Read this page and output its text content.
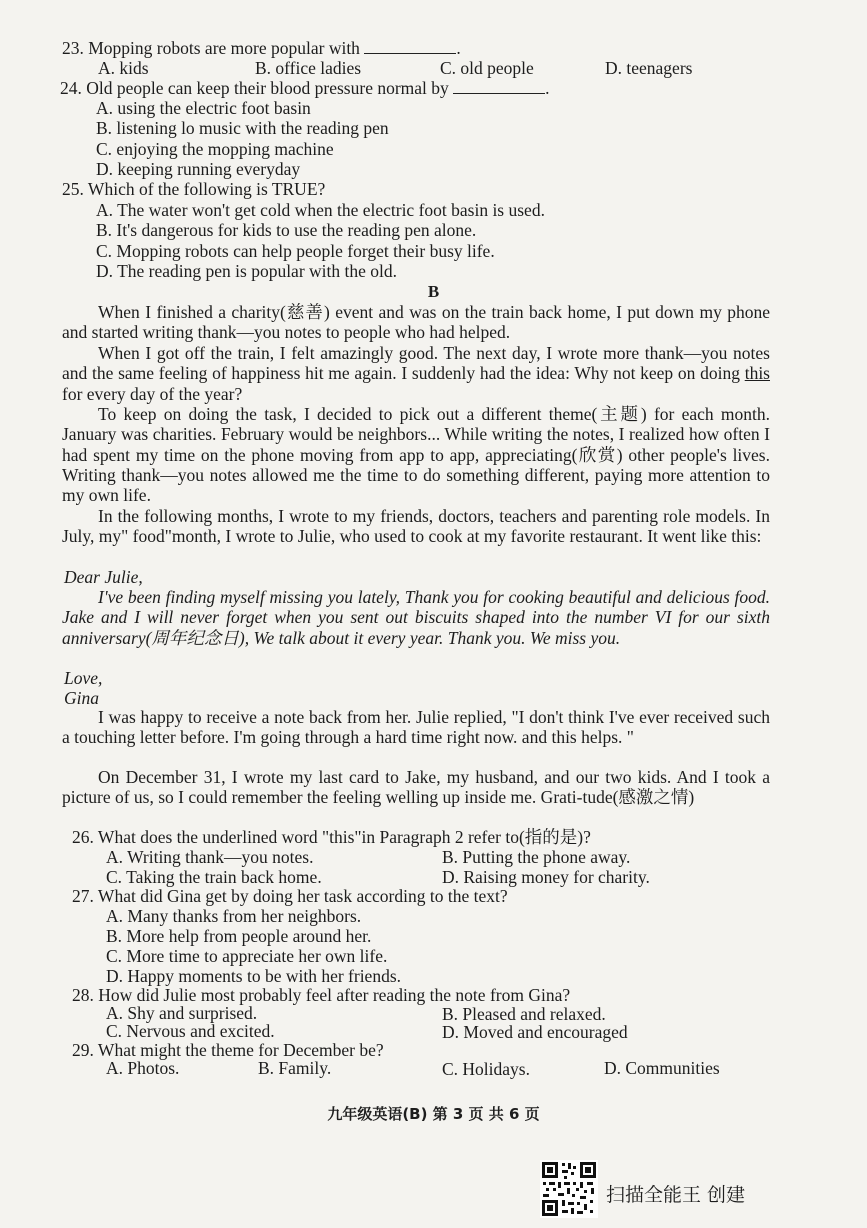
23. Mopping robots are more popular with	.
A. kids	B. office ladies	C. old people	D. teenagers
24. Old people can keep their blood pressure normal by	.
A. using the electric foot basin
B. listening lo music with the reading pen
C. enjoying the mopping machine
D. keeping running everyday
25. Which of the following is TRUE?
A. The water won't get cold when the electric foot basin is used.
B. It's dangerous for kids to use the reading pen alone.
C. Mopping robots can help people forget their busy life.
D. The reading pen is popular with the old.
B
When I finished a charity(慈善) event and was on the train back home, I put down my phone and started writing thank—you notes to people who had helped.
When I got off the train, I felt amazingly good. The next day, I wrote more thank—you notes and the same feeling of happiness hit me again. I suddenly had the idea: Why not keep on doing this for every day of the year?
To keep on doing the task, I decided to pick out a different theme(主题) for each month. January was charities. February would be neighbors... While writing the notes, I realized how often I had spent my time on the phone moving from app to app, appreciating(欣赏) other people's lives. Writing thank—you notes allowed me the time to do something different, paying more attention to my own life.
In the following months, I wrote to my friends, doctors, teachers and parenting role models. In July, my" food"month, I wrote to Julie, who used to cook at my favorite restaurant. It went like this:
Dear Julie,
I've been finding myself missing you lately, Thank you for cooking beautiful and delicious food. Jake and I will never forget when you sent out biscuits shaped into the number VI for our sixth anniversary(周年纪念日), We talk about it every year. Thank you. We miss you.
Love,
Gina
I was happy to receive a note back from her. Julie replied, "I don't think I've ever received such a touching letter before. I'm going through a hard time right now. and this helps. "
On December 31, I wrote my last card to Jake, my husband, and our two kids. And I took a picture of us, so I could remember the feeling welling up inside me. Grati-tude(感激之情)
26. What does the underlined word "this"in Paragraph 2 refer to(指的是)?
A. Writing thank—you notes.	B. Putting the phone away.
C. Taking the train back home.	D. Raising money for charity.
27. What did Gina get by doing her task according to the text?
A. Many thanks from her neighbors.
B. More help from people around her.
C. More time to appreciate her own life.
D. Happy moments to be with her friends.
28. How did Julie most probably feel after reading the note from Gina?
A. Shy and surprised.	B. Pleased and relaxed.
C. Nervous and excited.	D. Moved and encouraged
29. What might the theme for December be?
A. Photos.	B. Family.	C. Holidays.	D. Communities
九年级英语(B) 第 3 页 共 6 页
扫描全能王 创建
